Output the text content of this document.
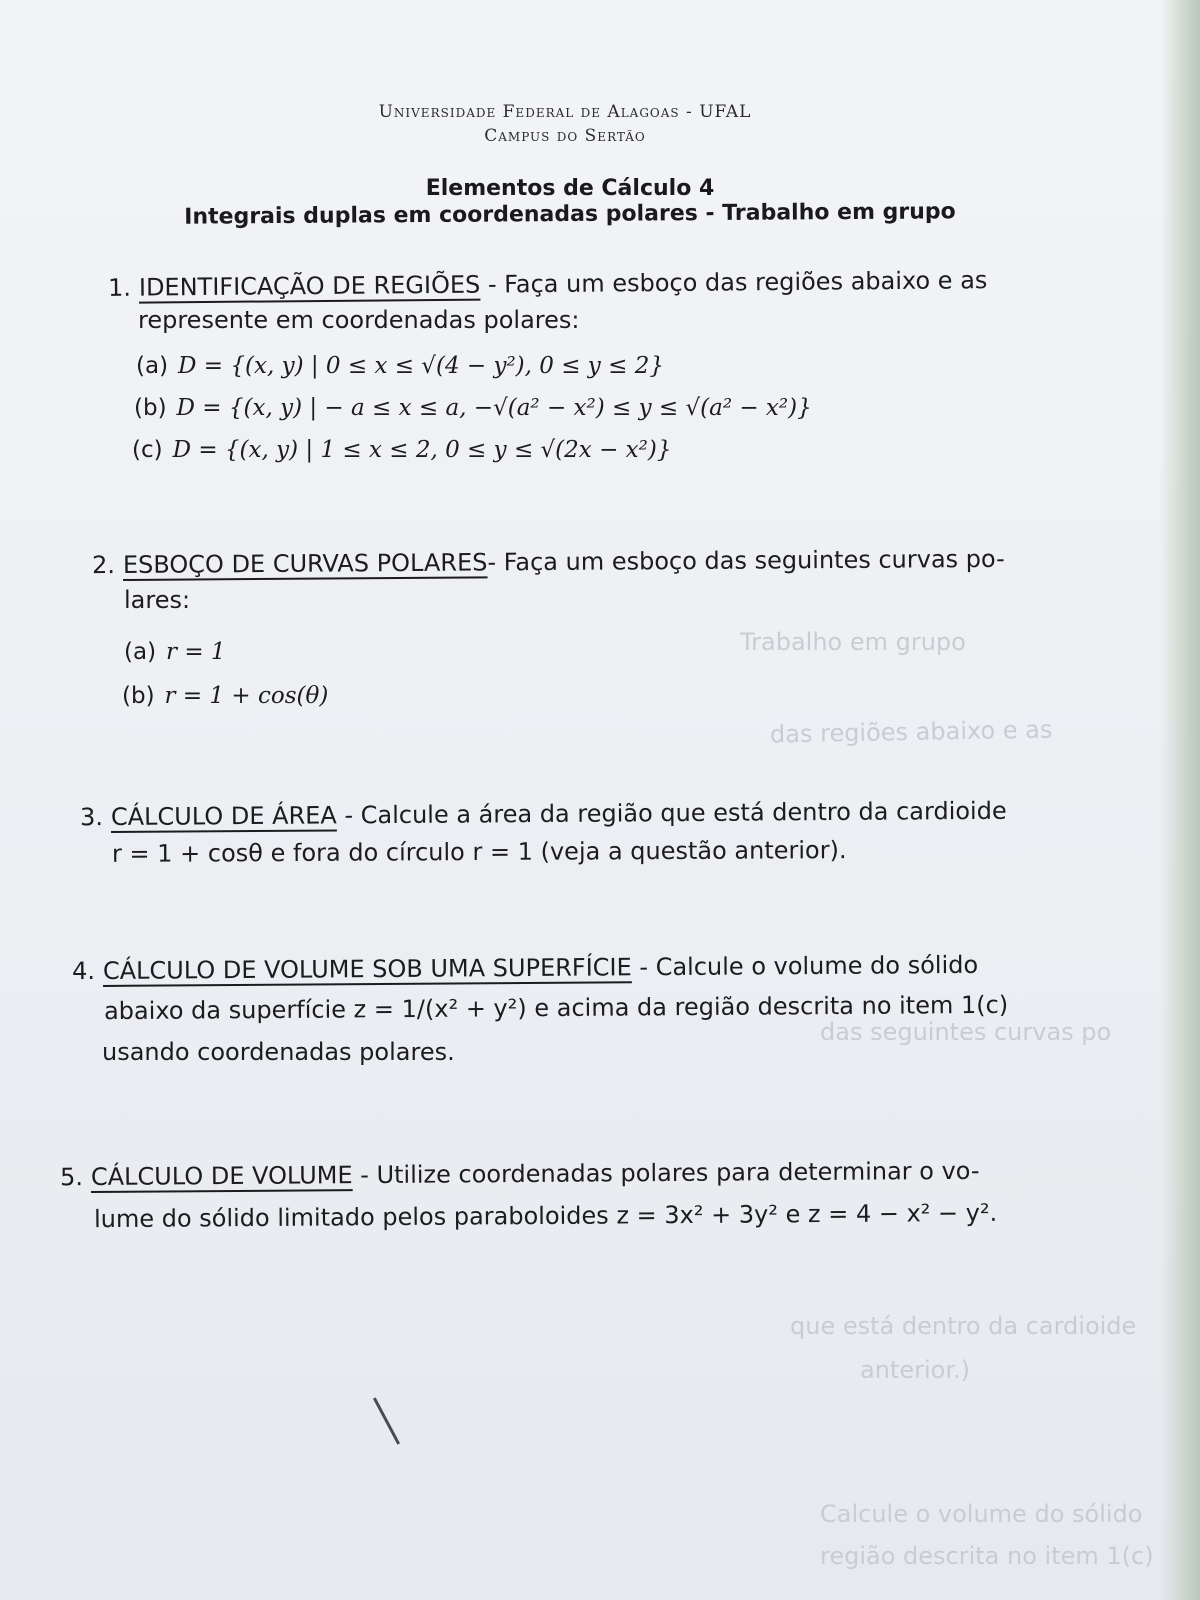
Trabalho em grupo
das regiões abaixo e as
das seguintes curvas po
que está dentro da cardioide
anterior.)
Calcule o volume do sólido
região descrita no item 1(c)
Universidade Federal de Alagoas - UFAL
Campus do Sertão
Elementos de Cálculo 4
Integrais duplas em coordenadas polares - Trabalho em grupo
1. IDENTIFICAÇÃO DE REGIÕES - Faça um esboço das regiões abaixo e as
represente em coordenadas polares:
(a) D = {(x, y) | 0 ≤ x ≤ √(4 − y²), 0 ≤ y ≤ 2}
(b) D = {(x, y) | − a ≤ x ≤ a, −√(a² − x²) ≤ y ≤ √(a² − x²)}
(c) D = {(x, y) | 1 ≤ x ≤ 2, 0 ≤ y ≤ √(2x − x²)}
2. ESBOÇO DE CURVAS POLARES- Faça um esboço das seguintes curvas po-
lares:
(a) r = 1
(b) r = 1 + cos(θ)
3. CÁLCULO DE ÁREA - Calcule a área da região que está dentro da cardioide
r = 1 + cosθ e fora do círculo r = 1 (veja a questão anterior).
4. CÁLCULO DE VOLUME SOB UMA SUPERFÍCIE - Calcule o volume do sólido
abaixo da superfície z = 1/(x² + y²) e acima da região descrita no item 1(c)
usando coordenadas polares.
5. CÁLCULO DE VOLUME - Utilize coordenadas polares para determinar o vo-
lume do sólido limitado pelos paraboloides z = 3x² + 3y² e z = 4 − x² − y².
